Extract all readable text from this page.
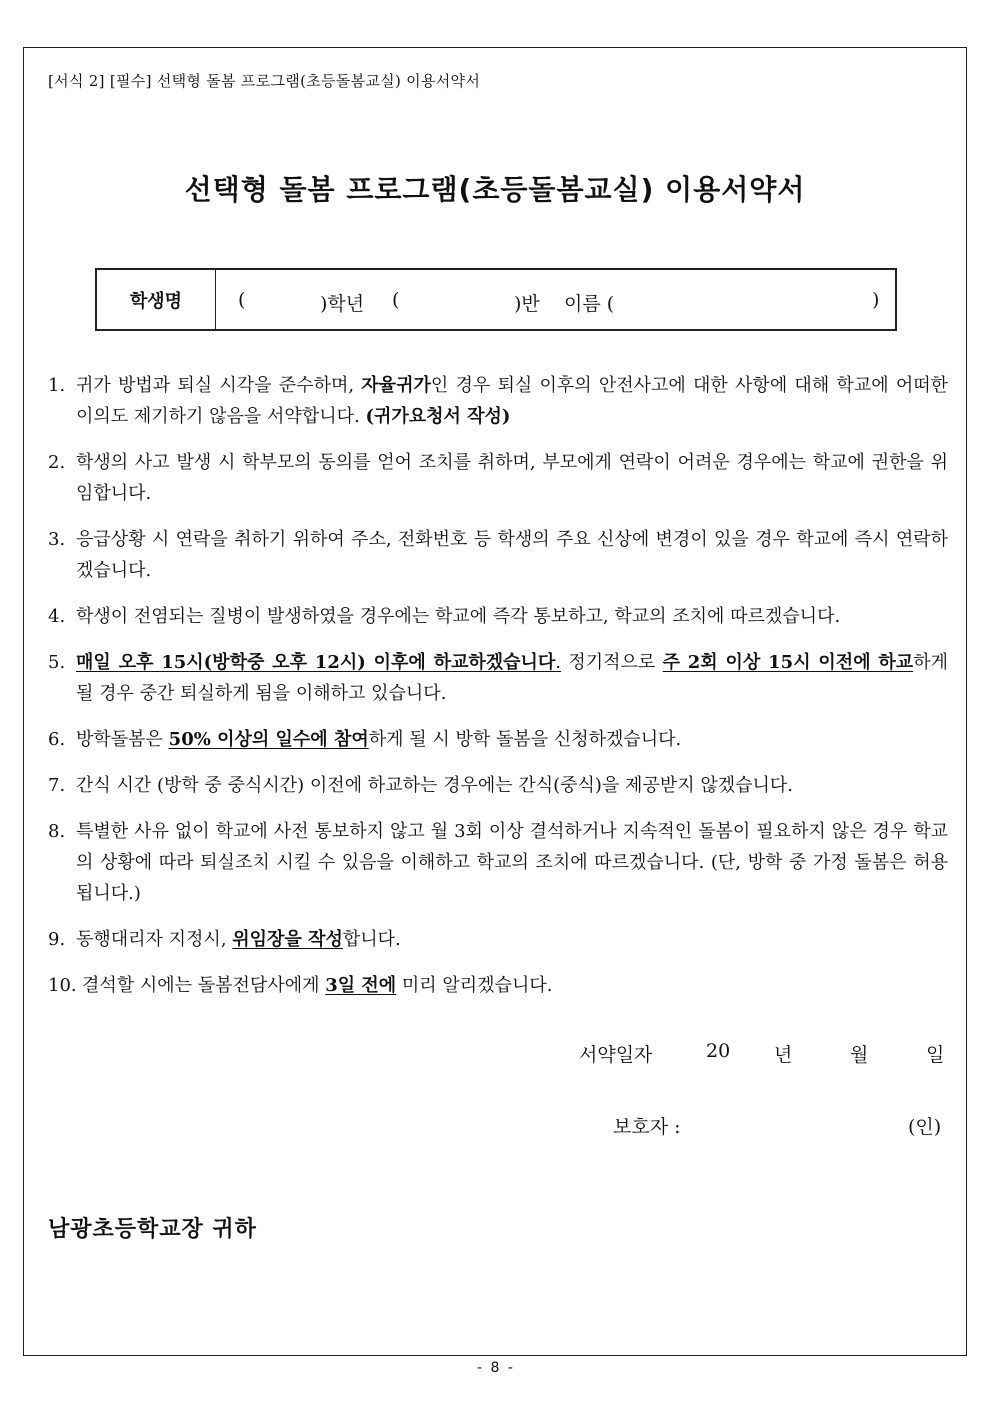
[서식 2] [필수] 선택형 돌봄 프로그램(초등돌봄교실) 이용서약서
선택형 돌봄 프로그램(초등돌봄교실) 이용서약서
학생명	(	)학년 (	)반 이름 (	)
1. 귀가 방법과 퇴실 시각을 준수하며, 자율귀가인 경우 퇴실 이후의 안전사고에 대한 사항에 대해 학교에 어떠한 이의도 제기하기 않음을 서약합니다. (귀가요청서 작성)
2. 학생의 사고 발생 시 학부모의 동의를 얻어 조치를 취하며, 부모에게 연락이 어려운 경우에는 학교에 권한을 위임합니다.
3. 응급상황 시 연락을 취하기 위하여 주소, 전화번호 등 학생의 주요 신상에 변경이 있을 경우 학교에 즉시 연락하겠습니다.
4. 학생이 전염되는 질병이 발생하였을 경우에는 학교에 즉각 통보하고, 학교의 조치에 따르겠습니다.
5. 매일 오후 15시(방학중 오후 12시) 이후에 하교하겠습니다. 정기적으로 주 2회 이상 15시 이전에 하교하게 될 경우 중간 퇴실하게 됨을 이해하고 있습니다.
6. 방학돌봄은 50% 이상의 일수에 참여하게 될 시 방학 돌봄을 신청하겠습니다.
7. 간식 시간 (방학 중 중식시간) 이전에 하교하는 경우에는 간식(중식)을 제공받지 않겠습니다.
8. 특별한 사유 없이 학교에 사전 통보하지 않고 월 3회 이상 결석하거나 지속적인 돌봄이 필요하지 않은 경우 학교의 상황에 따라 퇴실조치 시킬 수 있음을 이해하고 학교의 조치에 따르겠습니다. (단, 방학 중 가정 돌봄은 허용됩니다.)
9. 동행대리자 지정시, 위임장을 작성합니다.
10. 결석할 시에는 돌봄전담사에게 3일 전에 미리 알리겠습니다.
서약일자	20 년	월	일
보호자 :	(인)
남광초등학교장 귀하
- 8 -
